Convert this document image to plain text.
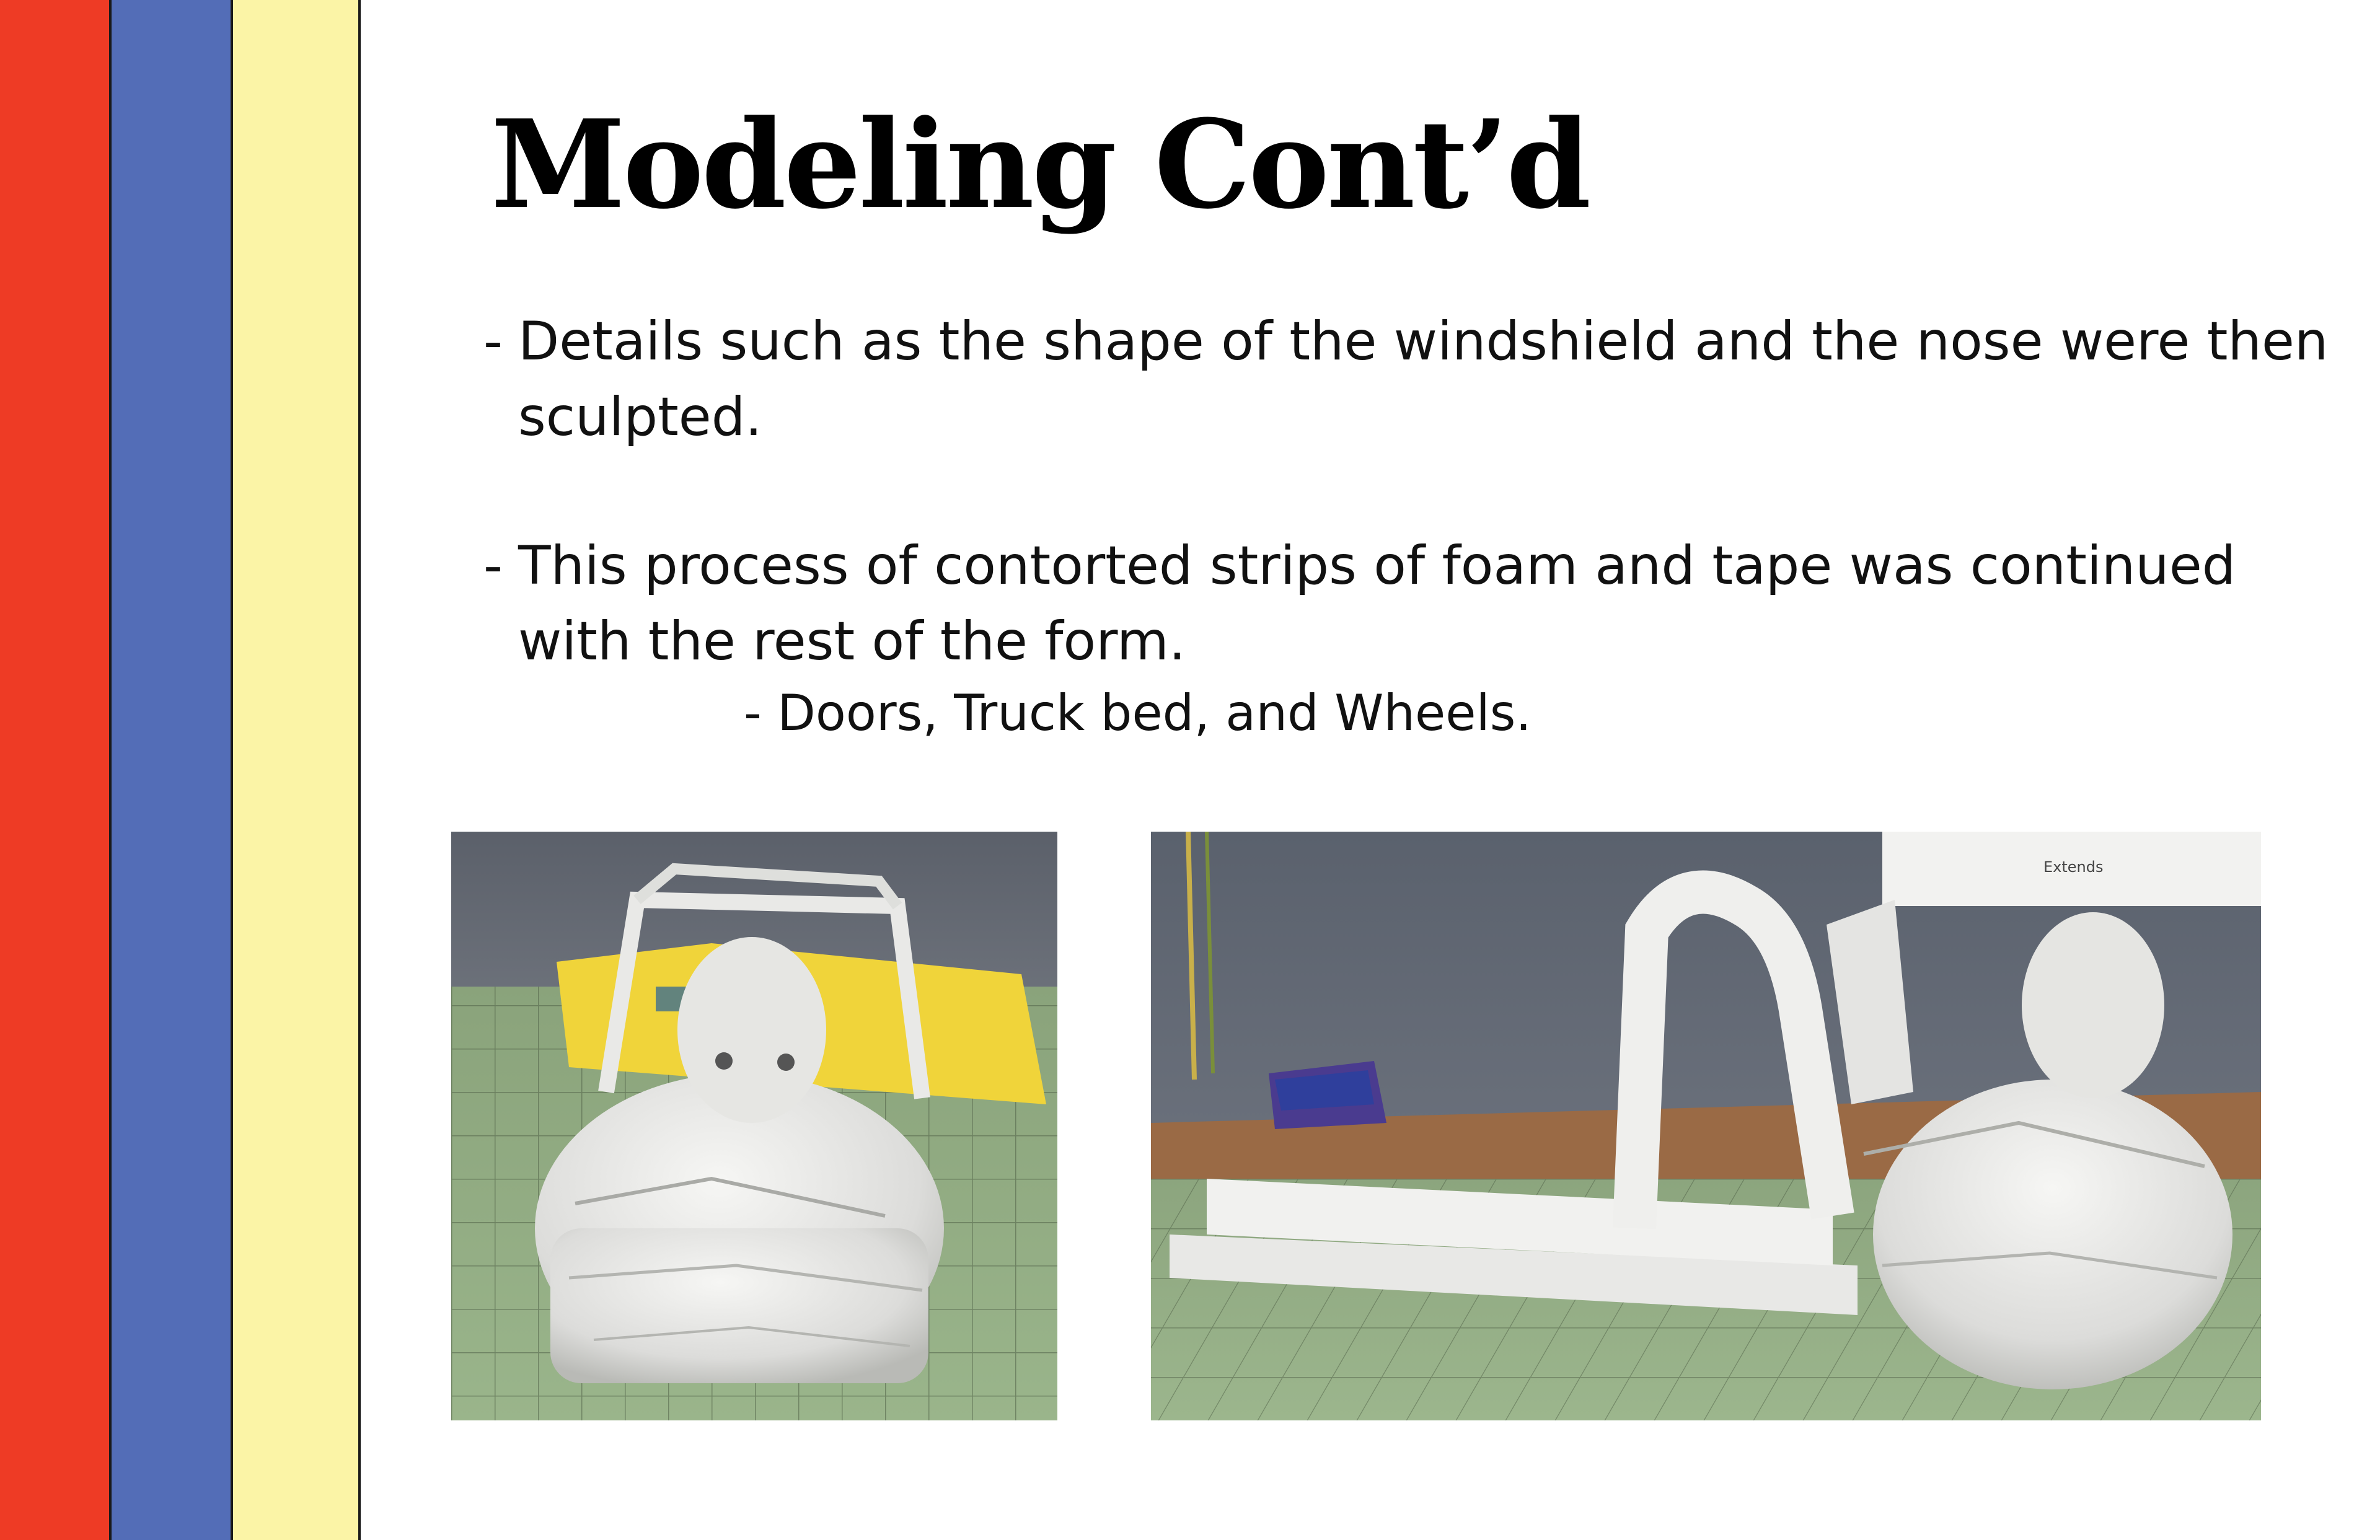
Modeling Cont’d

- Details such as the shape of the windshield and the nose were then
sculpted.

- This process of contorted strips of foam and tape was continued
with the rest of the form.

- Doors, Truck bed, and Wheels.

Extends
